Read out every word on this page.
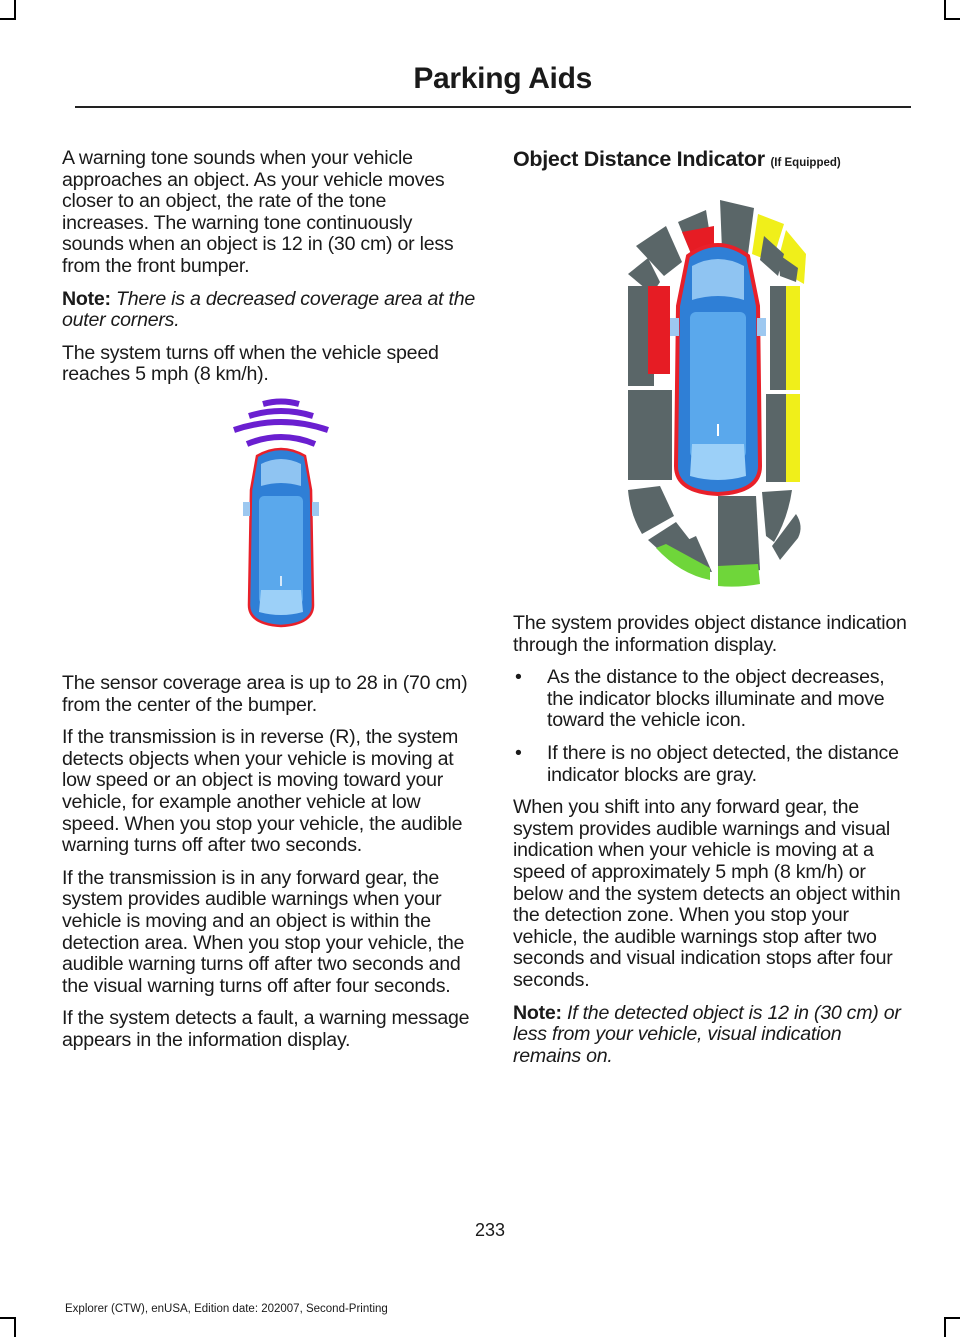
Parking Aids

A warning tone sounds when your vehicle approaches an object. As your vehicle moves closer to an object, the rate of the tone increases. The warning tone continuously sounds when an object is 12 in (30 cm) or less from the front bumper.

Note: There is a decreased coverage area at the outer corners.

The system turns off when the vehicle speed reaches 5 mph (8 km/h).

The sensor coverage area is up to 28 in (70 cm) from the center of the bumper.

If the transmission is in reverse (R), the system detects objects when your vehicle is moving at low speed or an object is moving toward your vehicle, for example another vehicle at low speed. When you stop your vehicle, the audible warning turns off after two seconds.

If the transmission is in any forward gear, the system provides audible warnings when your vehicle is moving and an object is within the detection area. When you stop your vehicle, the audible warning turns off after two seconds and the visual warning turns off after four seconds.

If the system detects a fault, a warning message appears in the information display.

Object Distance Indicator (If Equipped)

The system provides object distance indication through the information display.

• As the distance to the object decreases, the indicator blocks illuminate and move toward the vehicle icon.
• If there is no object detected, the distance indicator blocks are gray.

When you shift into any forward gear, the system provides audible warnings and visual indication when your vehicle is moving at a speed of approximately 5 mph (8 km/h) or below and the system detects an object within the detection zone. When you stop your vehicle, the audible warnings stop after two seconds and visual indication stops after four seconds.

Note: If the detected object is 12 in (30 cm) or less from your vehicle, visual indication remains on.

233
Explorer (CTW), enUSA, Edition date: 202007, Second-Printing
